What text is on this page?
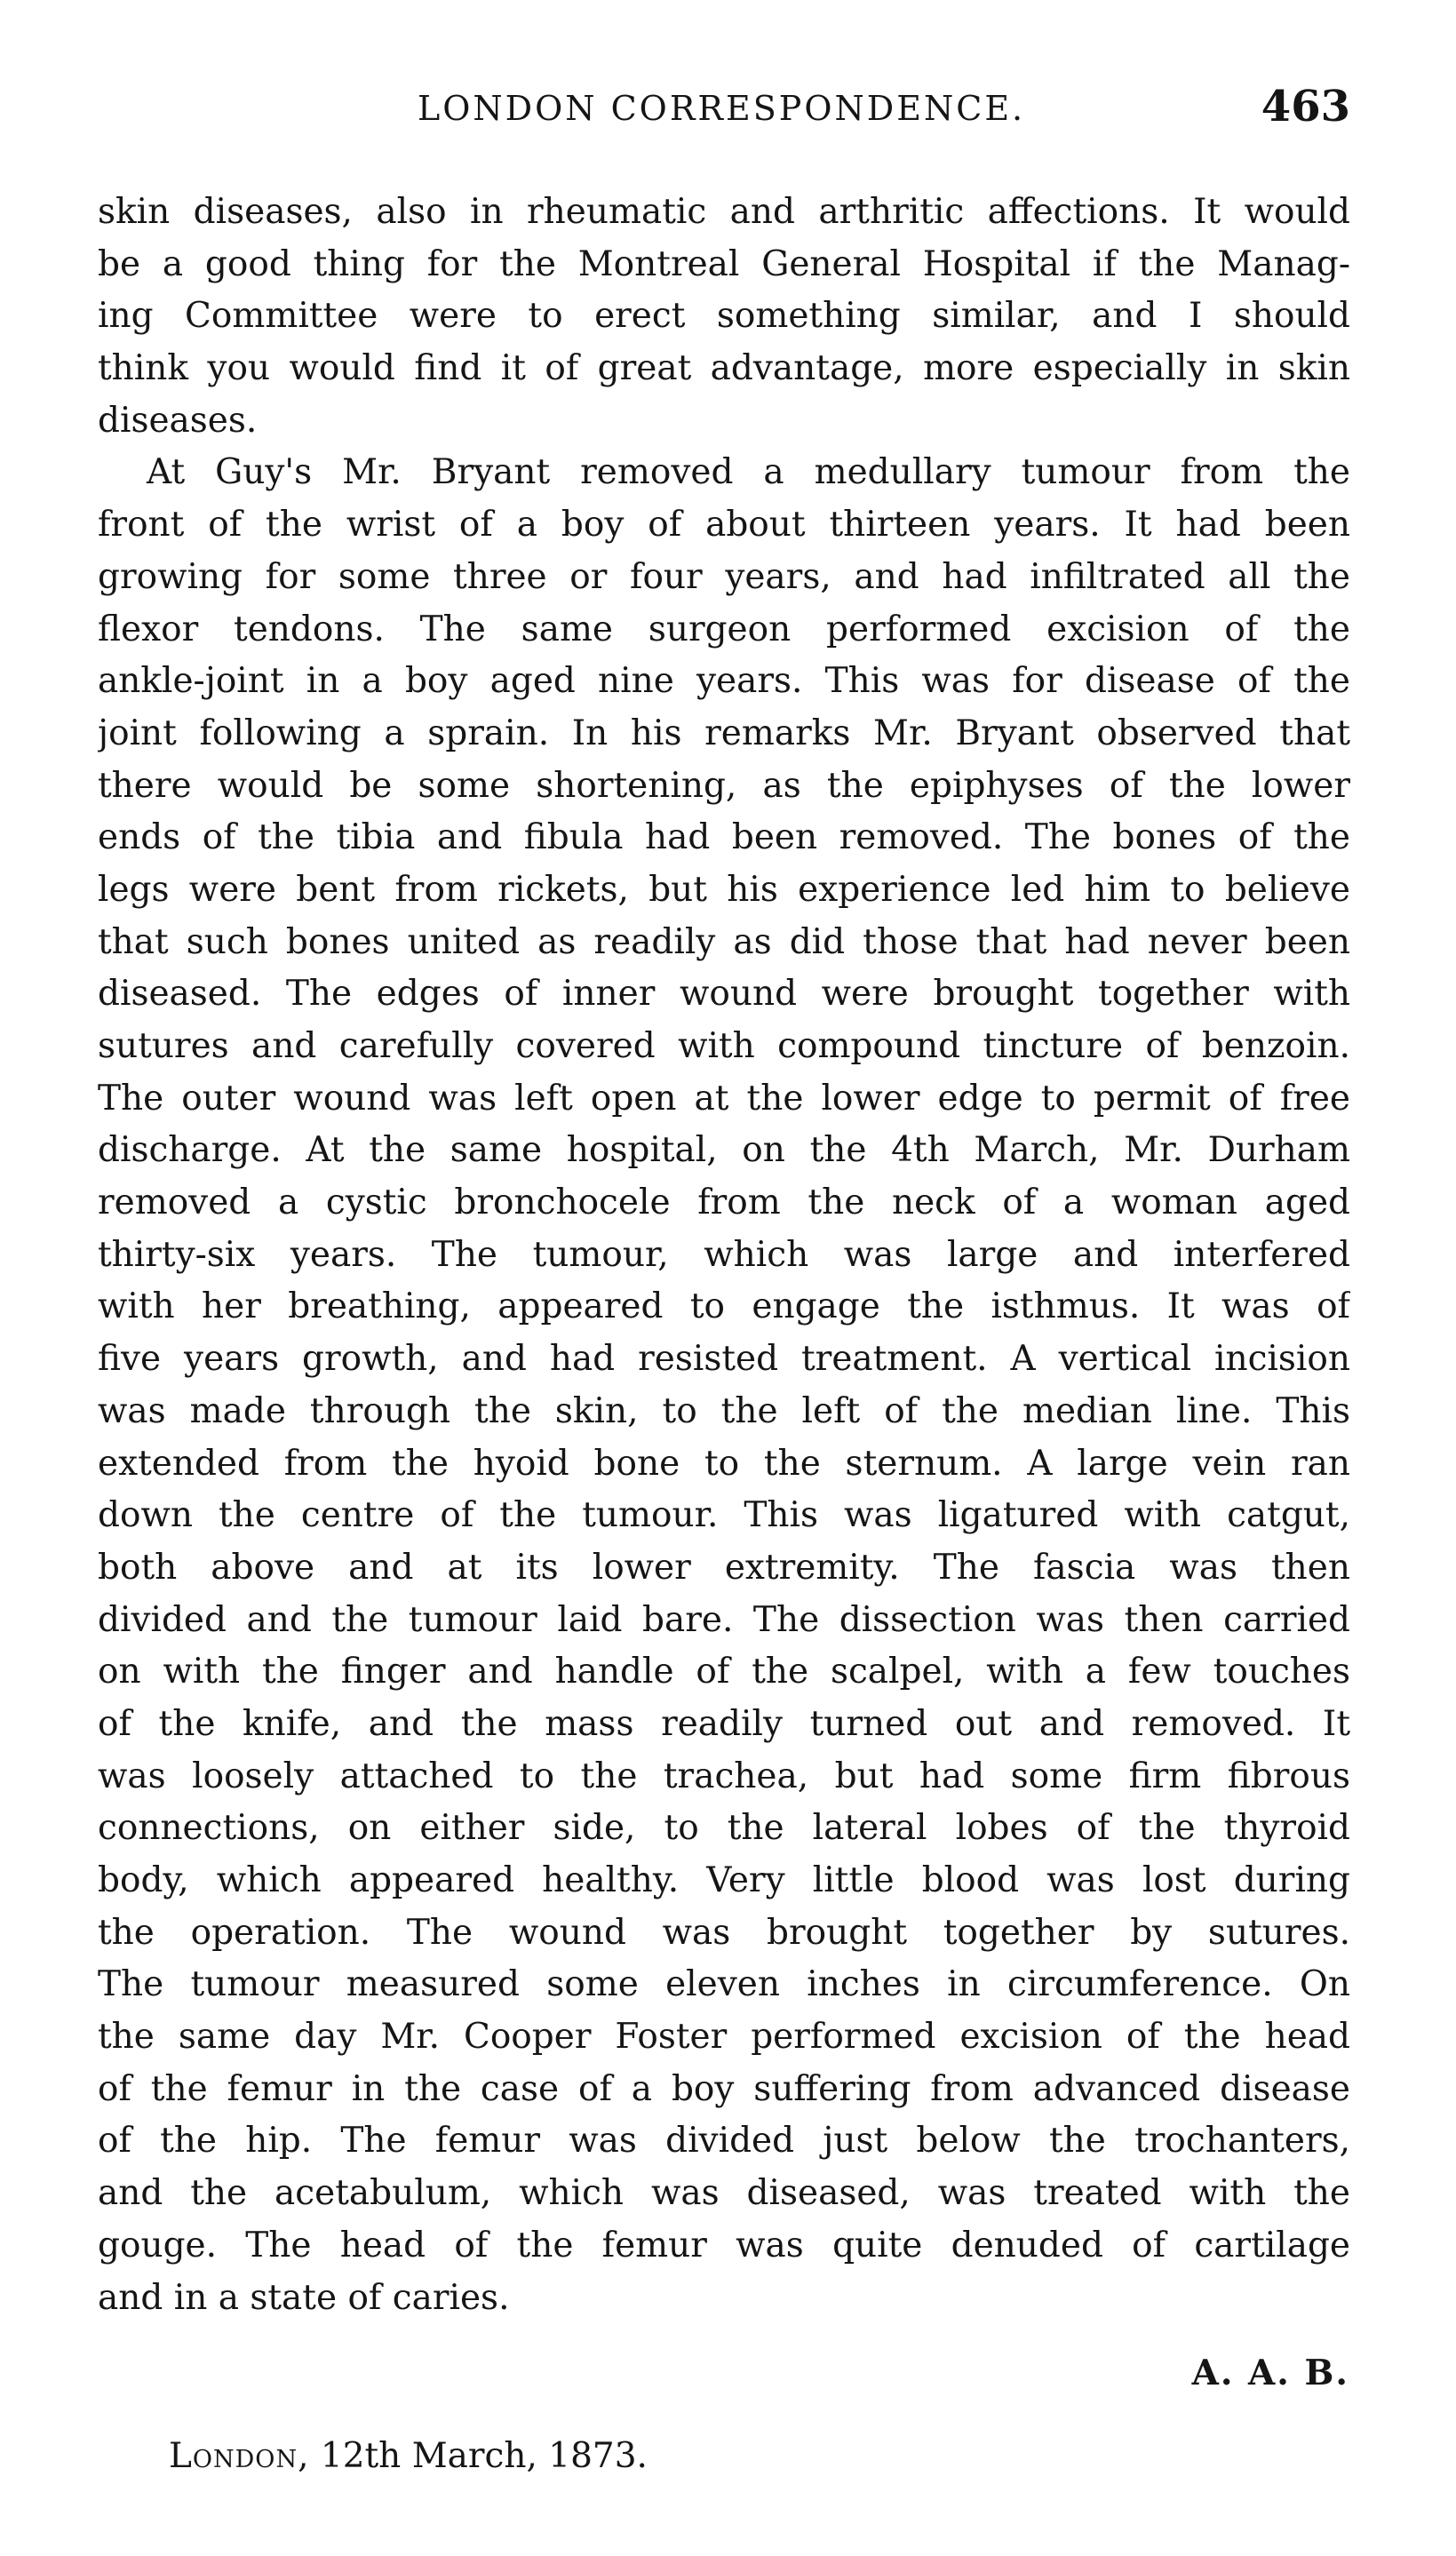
LONDON CORRESPONDENCE.	463
skin diseases, also in rheumatic and arthritic affections. It would
be a good thing for the Montreal General Hospital if the Manag-
ing Committee were to erect something similar, and I should
think you would find it of great advantage, more especially in skin
diseases.
At Guy's Mr. Bryant removed a medullary tumour from the
front of the wrist of a boy of about thirteen years. It had been
growing for some three or four years, and had infiltrated all the
flexor tendons. The same surgeon performed excision of the
ankle-joint in a boy aged nine years. This was for disease of the
joint following a sprain. In his remarks Mr. Bryant observed that
there would be some shortening, as the epiphyses of the lower
ends of the tibia and fibula had been removed. The bones of the
legs were bent from rickets, but his experience led him to believe
that such bones united as readily as did those that had never been
diseased. The edges of inner wound were brought together with
sutures and carefully covered with compound tincture of benzoin.
The outer wound was left open at the lower edge to permit of free
discharge. At the same hospital, on the 4th March, Mr. Durham
removed a cystic bronchocele from the neck of a woman aged
thirty-six years. The tumour, which was large and interfered
with her breathing, appeared to engage the isthmus. It was of
five years growth, and had resisted treatment. A vertical incision
was made through the skin, to the left of the median line. This
extended from the hyoid bone to the sternum. A large vein ran
down the centre of the tumour. This was ligatured with catgut,
both above and at its lower extremity. The fascia was then
divided and the tumour laid bare. The dissection was then carried
on with the finger and handle of the scalpel, with a few touches
of the knife, and the mass readily turned out and removed. It
was loosely attached to the trachea, but had some firm fibrous
connections, on either side, to the lateral lobes of the thyroid
body, which appeared healthy. Very little blood was lost during
the operation. The wound was brought together by sutures.
The tumour measured some eleven inches in circumference. On
the same day Mr. Cooper Foster performed excision of the head
of the femur in the case of a boy suffering from advanced disease
of the hip. The femur was divided just below the trochanters,
and the acetabulum, which was diseased, was treated with the
gouge. The head of the femur was quite denuded of cartilage
and in a state of caries.
A. A. B.
London, 12th March, 1873.
